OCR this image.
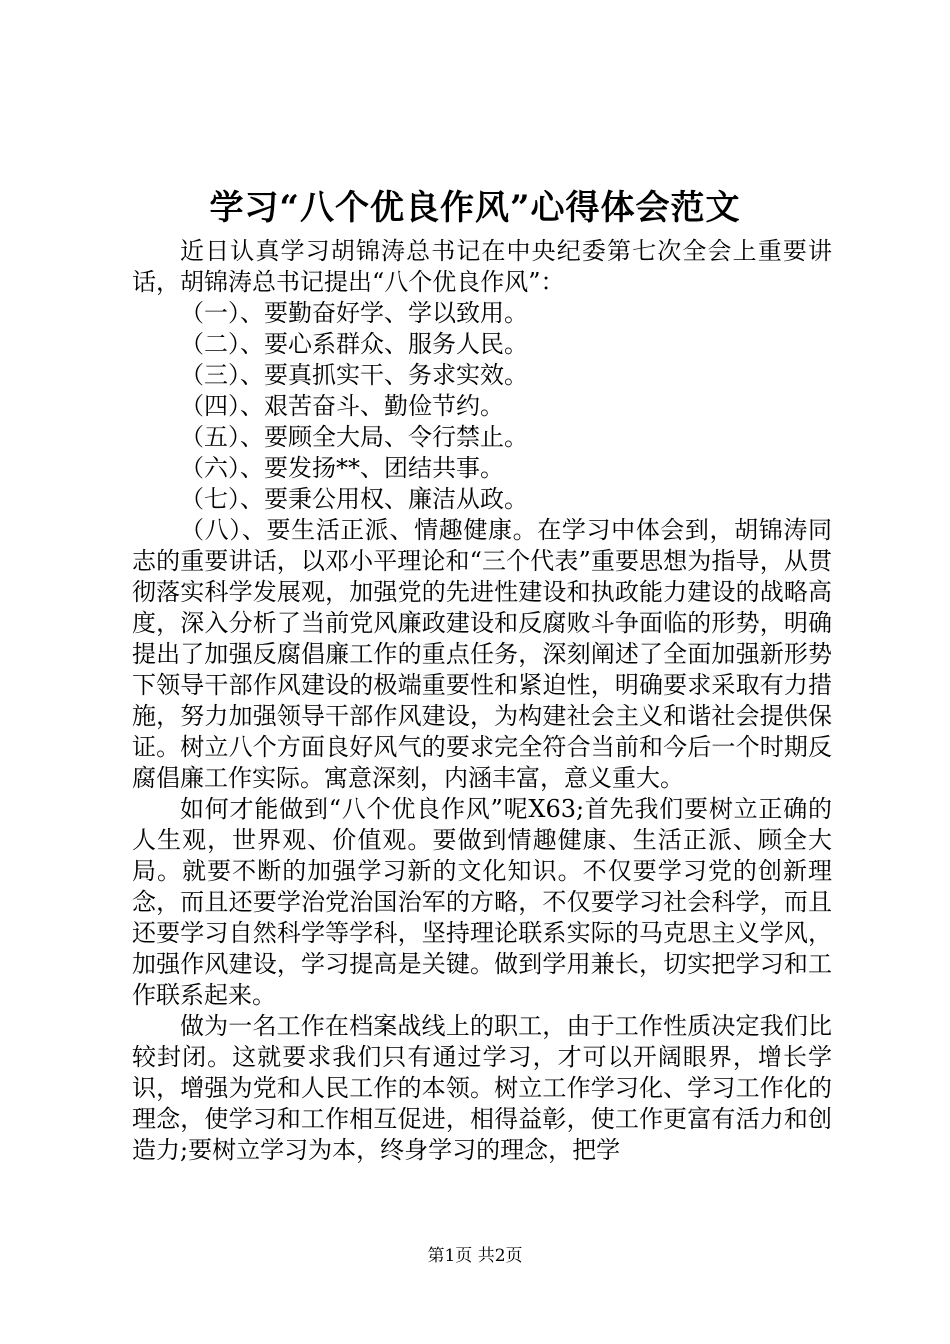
学习“八个优良作风”心得体会范文

近日认真学习胡锦涛总书记在中央纪委第七次全会上重要讲话，胡锦涛总书记提出“八个优良作风”：

（一）、要勤奋好学、学以致用。

（二）、要心系群众、服务人民。

（三）、要真抓实干、务求实效。

（四）、艰苦奋斗、勤俭节约。

（五）、要顾全大局、令行禁止。

（六）、要发扬**、团结共事。

（七）、要秉公用权、廉洁从政。

（八）、要生活正派、情趣健康。在学习中体会到，胡锦涛同志的重要讲话，以邓小平理论和“三个代表”重要思想为指导，从贯彻落实科学发展观，加强党的先进性建设和执政能力建设的战略高度，深入分析了当前党风廉政建设和反腐败斗争面临的形势，明确提出了加强反腐倡廉工作的重点任务，深刻阐述了全面加强新形势下领导干部作风建设的极端重要性和紧迫性，明确要求采取有力措施，努力加强领导干部作风建设，为构建社会主义和谐社会提供保证。树立八个方面良好风气的要求完全符合当前和今后一个时期反腐倡廉工作实际。寓意深刻，内涵丰富，意义重大。

如何才能做到“八个优良作风”呢X63;首先我们要树立正确的人生观，世界观、价值观。要做到情趣健康、生活正派、顾全大局。就要不断的加强学习新的文化知识。不仅要学习党的创新理念，而且还要学治党治国治军的方略，不仅要学习社会科学，而且还要学习自然科学等学科，坚持理论联系实际的马克思主义学风，加强作风建设，学习提高是关键。做到学用兼长，切实把学习和工作联系起来。

做为一名工作在档案战线上的职工，由于工作性质决定我们比较封闭。这就要求我们只有通过学习，才可以开阔眼界，增长学识，增强为党和人民工作的本领。树立工作学习化、学习工作化的理念，使学习和工作相互促进，相得益彰，使工作更富有活力和创造力;要树立学习为本，终身学习的理念，把学

第1页 共2页
